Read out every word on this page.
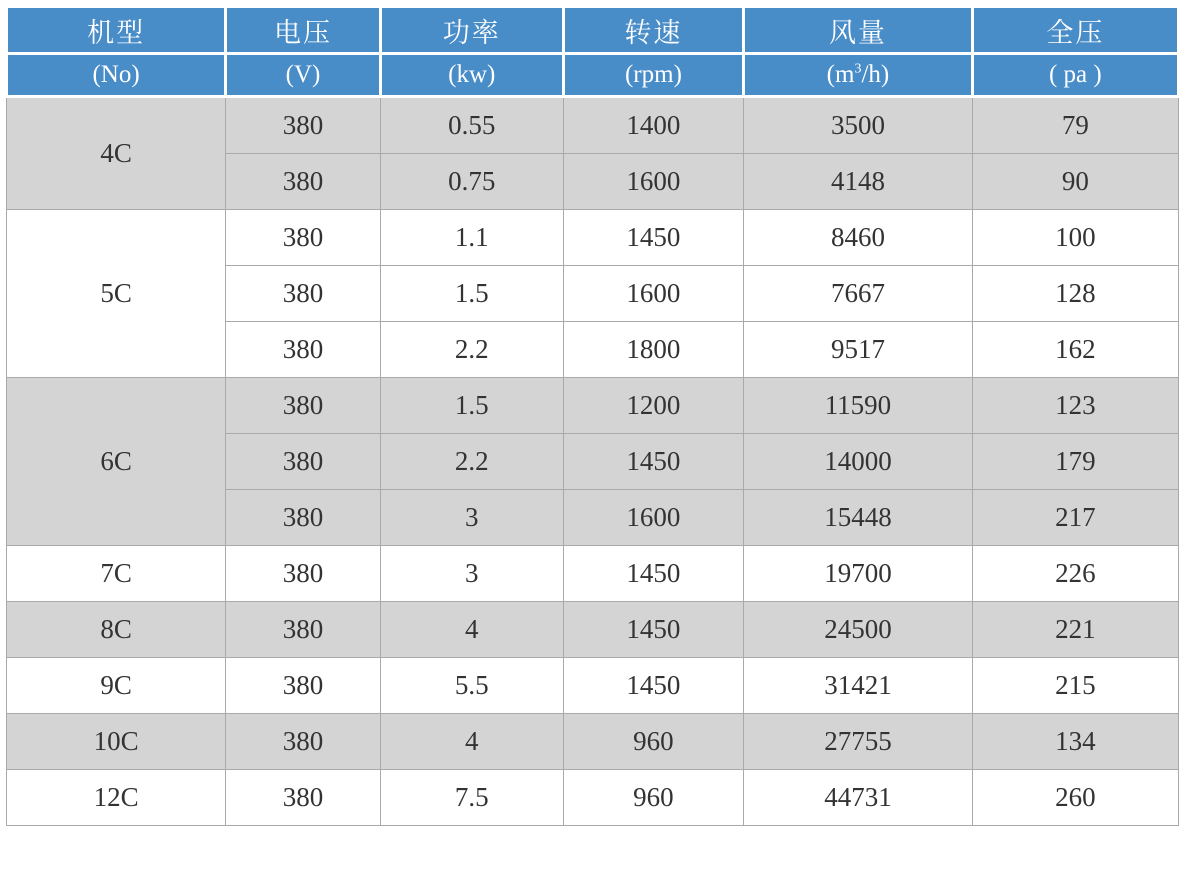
机型	电压	功率	转速	风量	全压
(No)	(V)	(kw)	(rpm)	$(m^3/h)$	( pa )
4C	380	0.55	1400	3500	79
	380	0.75	1600	4148	90
5C	380	1.1	1450	8460	100
	380	1.5	1600	7667	128
	380	2.2	1800	9517	162
6C	380	1.5	1200	11590	123
	380	2.2	1450	14000	179
	380	3	1600	15448	217
7C	380	3	1450	19700	226
8C	380	4	1450	24500	221
9C	380	5.5	1450	31421	215
10C	380	4	960	27755	134
12C	380	7.5	960	44731	260
